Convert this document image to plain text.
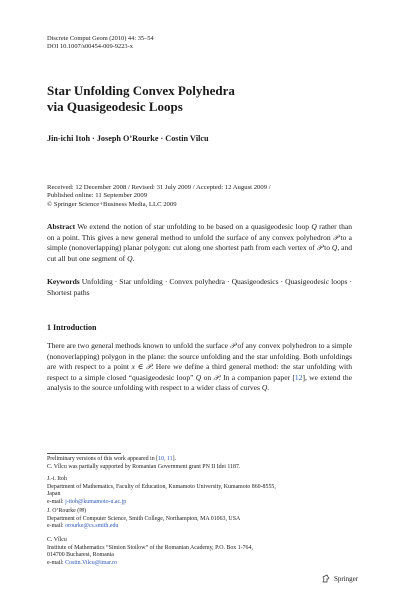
Discrete Comput Geom (2010) 44: 35–54
DOI 10.1007/s00454-009-9223-x
Star Unfolding Convex Polyhedra
via Quasigeodesic Loops
Jin-ichi Itoh · Joseph O’Rourke · Costin Vîlcu
Received: 12 December 2008 / Revised: 31 July 2009 / Accepted: 12 August 2009 /
Published online: 11 September 2009
© Springer Science+Business Media, LLC 2009

Abstract We extend the notion of star unfolding to be based on a quasigeodesic loop Q rather than on a point. This gives a new general method to unfold the surface of any convex polyhedron 𝒫 to a simple (nonoverlapping) planar polygon: cut along one shortest path from each vertex of 𝒫 to Q, and cut all but one segment of Q.

Keywords Unfolding · Star unfolding · Convex polyhedra · Quasigeodesics · Quasigeodesic loops · Shortest paths

1 Introduction

There are two general methods known to unfold the surface 𝒫 of any convex polyhedron to a simple (nonoverlapping) polygon in the plane: the source unfolding and the star unfolding. Both unfoldings are with respect to a point x ∈ 𝒫. Here we define a third general method: the star unfolding with respect to a simple closed “quasigeodesic loop” Q on 𝒫. In a companion paper [12], we extend the analysis to the source unfolding with respect to a wider class of curves Q.

Preliminary versions of this work appeared in [10, 11].
C. Vîlcu was partially supported by Romanian Government grant PN II Idei 1187.
J.-i. Itoh
Department of Mathematics, Faculty of Education, Kumamoto University, Kumamoto 860-8555,
Japan
e-mail: j-itoh@kumamoto-u.ac.jp
J. O’Rourke (✉)
Department of Computer Science, Smith College, Northampton, MA 01063, USA
e-mail: orourke@cs.smith.edu
C. Vîlcu
Institute of Mathematics “Simion Stoilow” of the Romanian Academy, P.O. Box 1-764,
014700 Bucharest, Romania
e-mail: Costin.Vilcu@imar.ro
Springer
